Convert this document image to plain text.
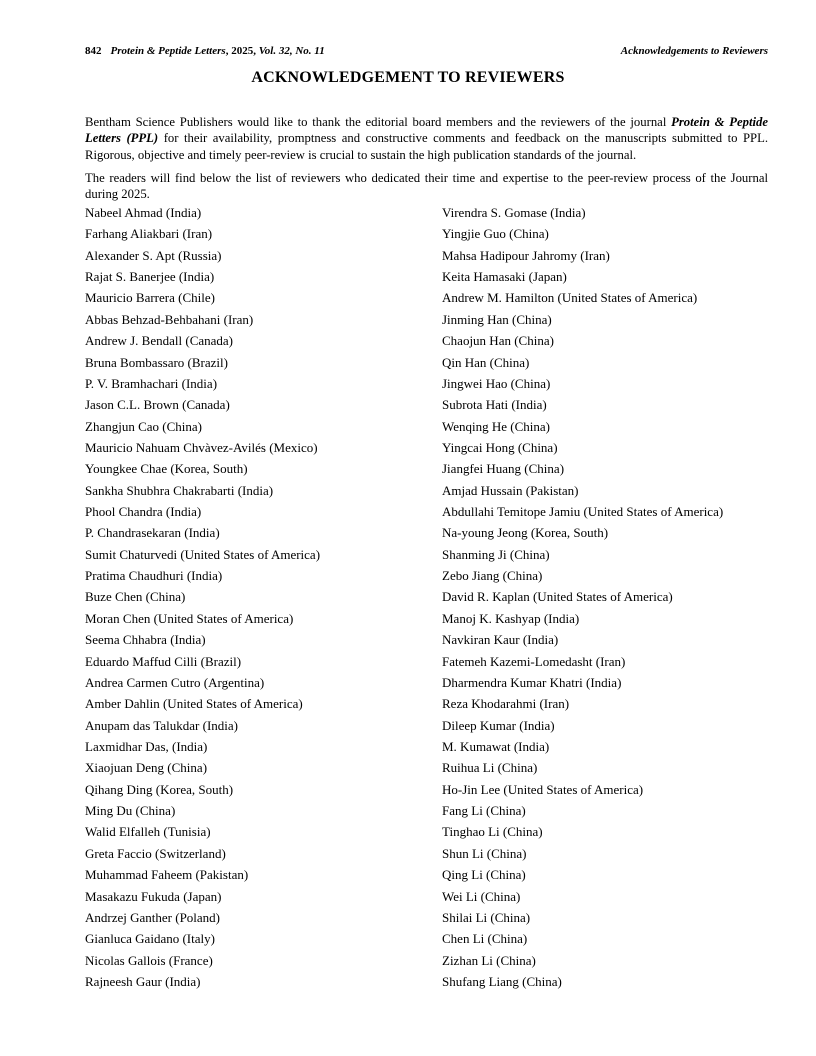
842 Protein & Peptide Letters, 2025, Vol. 32, No. 11	Acknowledgements to Reviewers
ACKNOWLEDGEMENT TO REVIEWERS

Bentham Science Publishers would like to thank the editorial board members and the reviewers of the journal Protein & Peptide Letters (PPL) for their availability, promptness and constructive comments and feedback on the manuscripts submitted to PPL. Rigorous, objective and timely peer-review is crucial to sustain the high publication standards of the journal.

The readers will find below the list of reviewers who dedicated their time and expertise to the peer-review process of the Journal during 2025.

Nabeel Ahmad (India)
Farhang Aliakbari (Iran)
Alexander S. Apt (Russia)
Rajat S. Banerjee (India)
Mauricio Barrera (Chile)
Abbas Behzad-Behbahani (Iran)
Andrew J. Bendall (Canada)
Bruna Bombassaro (Brazil)
P. V. Bramhachari (India)
Jason C.L. Brown (Canada)
Zhangjun Cao (China)
Mauricio Nahuam Chvàvez-Avilés (Mexico)
Youngkee Chae (Korea, South)
Sankha Shubhra Chakrabarti (India)
Phool Chandra (India)
P. Chandrasekaran (India)
Sumit Chaturvedi (United States of America)
Pratima Chaudhuri (India)
Buze Chen (China)
Moran Chen (United States of America)
Seema Chhabra (India)
Eduardo Maffud Cilli (Brazil)
Andrea Carmen Cutro (Argentina)
Amber Dahlin (United States of America)
Anupam das Talukdar (India)
Laxmidhar Das, (India)
Xiaojuan Deng (China)
Qihang Ding (Korea, South)
Ming Du (China)
Walid Elfalleh (Tunisia)
Greta Faccio (Switzerland)
Muhammad Faheem (Pakistan)
Masakazu Fukuda (Japan)
Andrzej Ganther (Poland)
Gianluca Gaidano (Italy)
Nicolas Gallois (France)
Rajneesh Gaur (India)
Virendra S. Gomase (India)
Yingjie Guo (China)
Mahsa Hadipour Jahromy (Iran)
Keita Hamasaki (Japan)
Andrew M. Hamilton (United States of America)
Jinming Han (China)
Chaojun Han (China)
Qin Han (China)
Jingwei Hao (China)
Subrota Hati (India)
Wenqing He (China)
Yingcai Hong (China)
Jiangfei Huang (China)
Amjad Hussain (Pakistan)
Abdullahi Temitope Jamiu (United States of America)
Na-young Jeong (Korea, South)
Shanming Ji (China)
Zebo Jiang (China)
David R. Kaplan (United States of America)
Manoj K. Kashyap (India)
Navkiran Kaur (India)
Fatemeh Kazemi-Lomedasht (Iran)
Dharmendra Kumar Khatri (India)
Reza Khodarahmi (Iran)
Dileep Kumar (India)
M. Kumawat (India)
Ruihua Li (China)
Ho-Jin Lee (United States of America)
Fang Li (China)
Tinghao Li (China)
Shun Li (China)
Qing Li (China)
Wei Li (China)
Shilai Li (China)
Chen Li (China)
Zizhan Li (China)
Shufang Liang (China)
